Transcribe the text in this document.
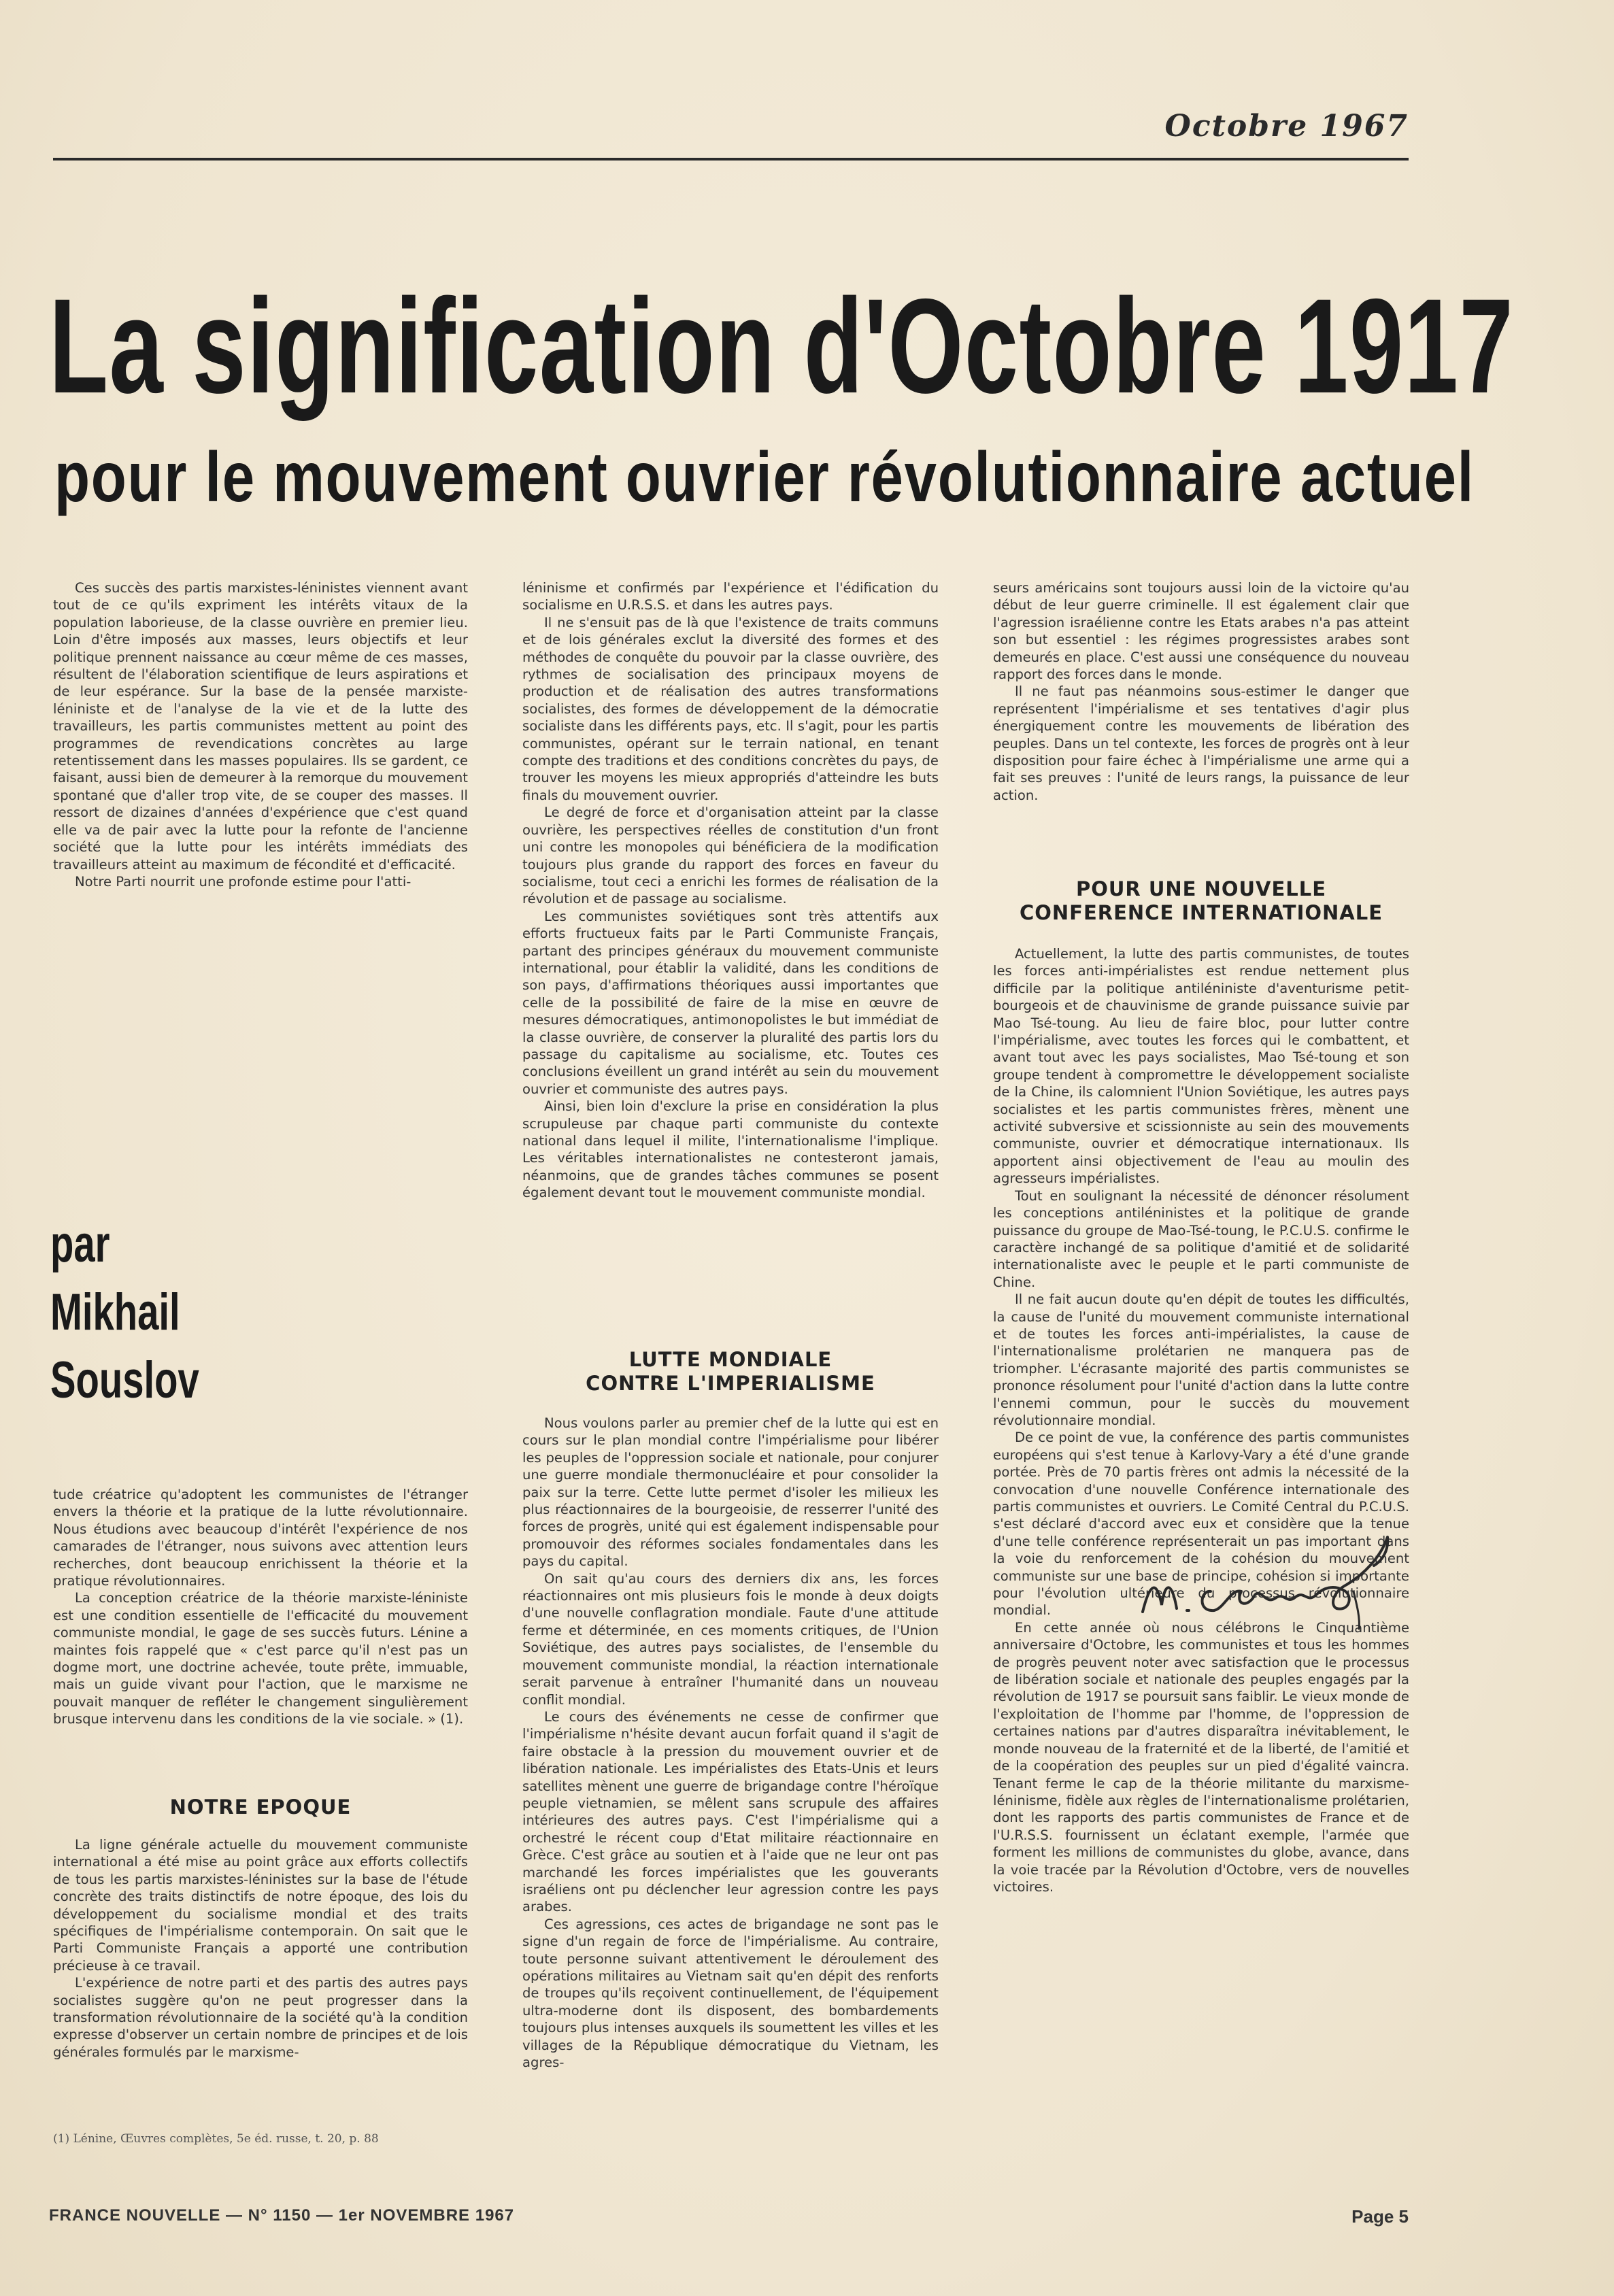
Octobre 1967
La signification d'Octobre 1917
pour le mouvement ouvrier révolutionnaire actuel

Ces succès des partis marxistes-léninistes viennent avant tout de ce qu'ils expriment les intérêts vitaux de la population laborieuse, de la classe ouvrière en premier lieu. Loin d'être imposés aux masses, leurs objectifs et leur politique prennent naissance au cœur même de ces masses, résultent de l'élaboration scientifique de leurs aspirations et de leur espérance. Sur la base de la pensée marxiste-léniniste et de l'analyse de la vie et de la lutte des travailleurs, les partis communistes mettent au point des programmes de revendications concrètes au large retentissement dans les masses populaires. Ils se gardent, ce faisant, aussi bien de demeurer à la remorque du mouvement spontané que d'aller trop vite, de se couper des masses. Il ressort de dizaines d'années d'expérience que c'est quand elle va de pair avec la lutte pour la refonte de l'ancienne société que la lutte pour les intérêts immédiats des travailleurs atteint au maximum de fécondité et d'efficacité.

Notre Parti nourrit une profonde estime pour l'atti-

par
Mikhail
Souslov

tude créatrice qu'adoptent les communistes de l'étranger envers la théorie et la pratique de la lutte révolutionnaire. Nous étudions avec beaucoup d'intérêt l'expérience de nos camarades de l'étranger, nous suivons avec attention leurs recherches, dont beaucoup enrichissent la théorie et la pratique révolutionnaires.

La conception créatrice de la théorie marxiste-léniniste est une condition essentielle de l'efficacité du mouvement communiste mondial, le gage de ses succès futurs. Lénine a maintes fois rappelé que « c'est parce qu'il n'est pas un dogme mort, une doctrine achevée, toute prête, immuable, mais un guide vivant pour l'action, que le marxisme ne pouvait manquer de refléter le changement singulièrement brusque intervenu dans les conditions de la vie sociale. » (1).

NOTRE EPOQUE

La ligne générale actuelle du mouvement communiste international a été mise au point grâce aux efforts collectifs de tous les partis marxistes-léninistes sur la base de l'étude concrète des traits distinctifs de notre époque, des lois du développement du socialisme mondial et des traits spécifiques de l'impérialisme contemporain. On sait que le Parti Communiste Français a apporté une contribution précieuse à ce travail.

L'expérience de notre parti et des partis des autres pays socialistes suggère qu'on ne peut progresser dans la transformation révolutionnaire de la société qu'à la condition expresse d'observer un certain nombre de principes et de lois générales formulés par le marxisme-

(1) Lénine, Œuvres complètes, 5e éd. russe, t. 20, p. 88

léninisme et confirmés par l'expérience et l'édification du socialisme en U.R.S.S. et dans les autres pays.

Il ne s'ensuit pas de là que l'existence de traits communs et de lois générales exclut la diversité des formes et des méthodes de conquête du pouvoir par la classe ouvrière, des rythmes de socialisation des principaux moyens de production et de réalisation des autres transformations socialistes, des formes de développement de la démocratie socialiste dans les différents pays, etc. Il s'agit, pour les partis communistes, opérant sur le terrain national, en tenant compte des traditions et des conditions concrètes du pays, de trouver les moyens les mieux appropriés d'atteindre les buts finals du mouvement ouvrier.

Le degré de force et d'organisation atteint par la classe ouvrière, les perspectives réelles de constitution d'un front uni contre les monopoles qui bénéficiera de la modification toujours plus grande du rapport des forces en faveur du socialisme, tout ceci a enrichi les formes de réalisation de la révolution et de passage au socialisme.

Les communistes soviétiques sont très attentifs aux efforts fructueux faits par le Parti Communiste Français, partant des principes généraux du mouvement communiste international, pour établir la validité, dans les conditions de son pays, d'affirmations théoriques aussi importantes que celle de la possibilité de faire de la mise en œuvre de mesures démocratiques, antimonopolistes le but immédiat de la classe ouvrière, de conserver la pluralité des partis lors du passage du capitalisme au socialisme, etc. Toutes ces conclusions éveillent un grand intérêt au sein du mouvement ouvrier et communiste des autres pays.

Ainsi, bien loin d'exclure la prise en considération la plus scrupuleuse par chaque parti communiste du contexte national dans lequel il milite, l'internationalisme l'implique. Les véritables internationalistes ne contesteront jamais, néanmoins, que de grandes tâches communes se posent également devant tout le mouvement communiste mondial.

LUTTE MONDIALE
CONTRE L'IMPERIALISME

Nous voulons parler au premier chef de la lutte qui est en cours sur le plan mondial contre l'impérialisme pour libérer les peuples de l'oppression sociale et nationale, pour conjurer une guerre mondiale thermonucléaire et pour consolider la paix sur la terre. Cette lutte permet d'isoler les milieux les plus réactionnaires de la bourgeoisie, de resserrer l'unité des forces de progrès, unité qui est également indispensable pour promouvoir des réformes sociales fondamentales dans les pays du capital.

On sait qu'au cours des derniers dix ans, les forces réactionnaires ont mis plusieurs fois le monde à deux doigts d'une nouvelle conflagration mondiale. Faute d'une attitude ferme et déterminée, en ces moments critiques, de l'Union Soviétique, des autres pays socialistes, de l'ensemble du mouvement communiste mondial, la réaction internationale serait parvenue à entraîner l'humanité dans un nouveau conflit mondial.

Le cours des événements ne cesse de confirmer que l'impérialisme n'hésite devant aucun forfait quand il s'agit de faire obstacle à la pression du mouvement ouvrier et de libération nationale. Les impérialistes des Etats-Unis et leurs satellites mènent une guerre de brigandage contre l'héroïque peuple vietnamien, se mêlent sans scrupule des affaires intérieures des autres pays. C'est l'impérialisme qui a orchestré le récent coup d'Etat militaire réactionnaire en Grèce. C'est grâce au soutien et à l'aide que ne leur ont pas marchandé les forces impérialistes que les gouverants israéliens ont pu déclencher leur agression contre les pays arabes.

Ces agressions, ces actes de brigandage ne sont pas le signe d'un regain de force de l'impérialisme. Au contraire, toute personne suivant attentivement le déroulement des opérations militaires au Vietnam sait qu'en dépit des renforts de troupes qu'ils reçoivent continuellement, de l'équipement ultra-moderne dont ils disposent, des bombardements toujours plus intenses auxquels ils soumettent les villes et les villages de la République démocratique du Vietnam, les agres-

seurs américains sont toujours aussi loin de la victoire qu'au début de leur guerre criminelle. Il est également clair que l'agression israélienne contre les Etats arabes n'a pas atteint son but essentiel : les régimes progressistes arabes sont demeurés en place. C'est aussi une conséquence du nouveau rapport des forces dans le monde.

Il ne faut pas néanmoins sous-estimer le danger que représentent l'impérialisme et ses tentatives d'agir plus énergiquement contre les mouvements de libération des peuples. Dans un tel contexte, les forces de progrès ont à leur disposition pour faire échec à l'impérialisme une arme qui a fait ses preuves : l'unité de leurs rangs, la puissance de leur action.

POUR UNE NOUVELLE
CONFERENCE INTERNATIONALE

Actuellement, la lutte des partis communistes, de toutes les forces anti-impérialistes est rendue nettement plus difficile par la politique antiléniniste d'aventurisme petit-bourgeois et de chauvinisme de grande puissance suivie par Mao Tsé-toung. Au lieu de faire bloc, pour lutter contre l'impérialisme, avec toutes les forces qui le combattent, et avant tout avec les pays socialistes, Mao Tsé-toung et son groupe tendent à compromettre le développement socialiste de la Chine, ils calomnient l'Union Soviétique, les autres pays socialistes et les partis communistes frères, mènent une activité subversive et scissionniste au sein des mouvements communiste, ouvrier et démocratique internationaux. Ils apportent ainsi objectivement de l'eau au moulin des agresseurs impérialistes.

Tout en soulignant la nécessité de dénoncer résolument les conceptions antiléninistes et la politique de grande puissance du groupe de Mao-Tsé-toung, le P.C.U.S. confirme le caractère inchangé de sa politique d'amitié et de solidarité internationaliste avec le peuple et le parti communiste de Chine.

Il ne fait aucun doute qu'en dépit de toutes les difficultés, la cause de l'unité du mouvement communiste international et de toutes les forces anti-impérialistes, la cause de l'internationalisme prolétarien ne manquera pas de triompher. L'écrasante majorité des partis communistes se prononce résolument pour l'unité d'action dans la lutte contre l'ennemi commun, pour le succès du mouvement révolutionnaire mondial.

De ce point de vue, la conférence des partis communistes européens qui s'est tenue à Karlovy-Vary a été d'une grande portée. Près de 70 partis frères ont admis la nécessité de la convocation d'une nouvelle Conférence internationale des partis communistes et ouvriers. Le Comité Central du P.C.U.S. s'est déclaré d'accord avec eux et considère que la tenue d'une telle conférence représenterait un pas important dans la voie du renforcement de la cohésion du mouvement communiste sur une base de principe, cohésion si importante pour l'évolution ultérieure du processus révolutionnaire mondial.

En cette année où nous célébrons le Cinquantième anniversaire d'Octobre, les communistes et tous les hommes de progrès peuvent noter avec satisfaction que le processus de libération sociale et nationale des peuples engagés par la révolution de 1917 se poursuit sans faiblir. Le vieux monde de l'exploitation de l'homme par l'homme, de l'oppression de certaines nations par d'autres disparaîtra inévitablement, le monde nouveau de la fraternité et de la liberté, de l'amitié et de la coopération des peuples sur un pied d'égalité vaincra. Tenant ferme le cap de la théorie militante du marxisme-léninisme, fidèle aux règles de l'internationalisme prolétarien, dont les rapports des partis communistes de France et de l'U.R.S.S. fournissent un éclatant exemple, l'armée que forment les millions de communistes du globe, avance, dans la voie tracée par la Révolution d'Octobre, vers de nouvelles victoires.

FRANCE NOUVELLE — N° 1150 — 1er NOVEMBRE 1967	Page 5
